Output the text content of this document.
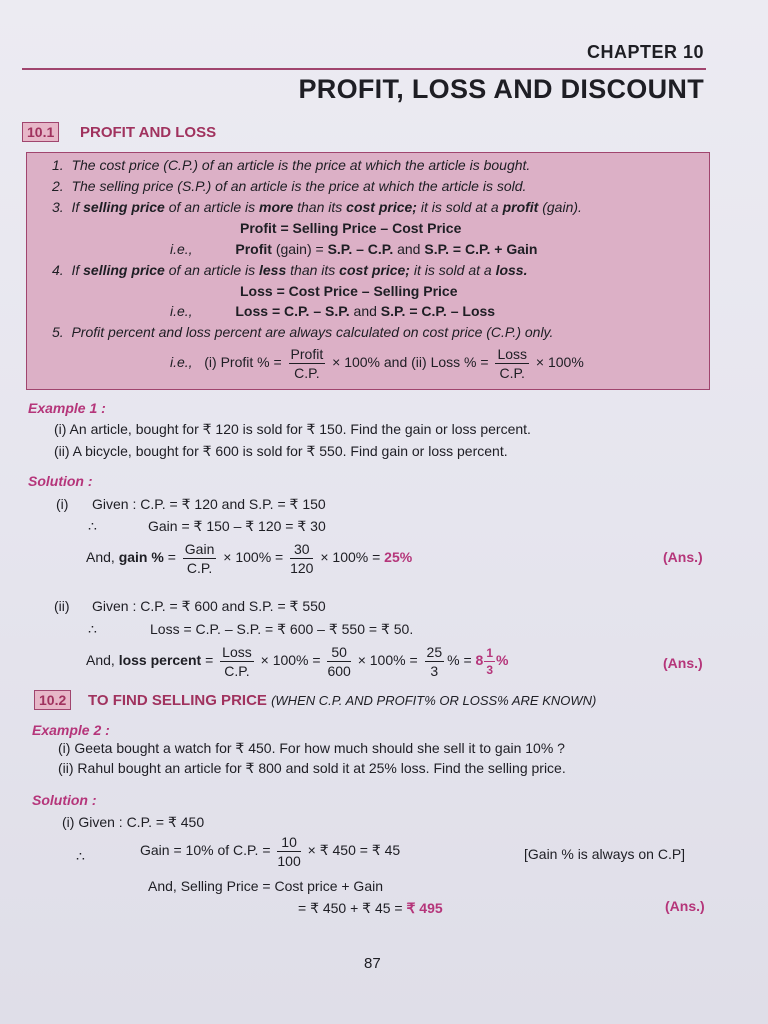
CHAPTER 10
PROFIT, LOSS AND DISCOUNT
10.1	PROFIT AND LOSS
1. The cost price (C.P.) of an article is the price at which the article is bought.
2. The selling price (S.P.) of an article is the price at which the article is sold.
3. If selling price of an article is more than its cost price; it is sold at a profit (gain).
Profit = Selling Price – Cost Price
i.e.,	Profit (gain) = S.P. – C.P. and S.P. = C.P. + Gain
4. If selling price of an article is less than its cost price; it is sold at a loss.
Loss = Cost Price – Selling Price
i.e.,	Loss = C.P. – S.P. and S.P. = C.P. – Loss
5. Profit percent and loss percent are always calculated on cost price (C.P.) only.
i.e., (i) Profit % = $\frac{\text{Profit}}{C.P.} \times 100\%$ and (ii) Loss % = $\frac{\text{Loss}}{C.P.} \times 100\%$
Example 1 :
(i) An article, bought for ₹ 120 is sold for ₹ 150. Find the gain or loss percent.
(ii) A bicycle, bought for ₹ 600 is sold for ₹ 550. Find gain or loss percent.
Solution :
(i) Given : C.P. = ₹ 120 and S.P. = ₹ 150
∴	Gain = ₹ 150 – ₹ 120 = ₹ 30
And, gain % = $\frac{\text{Gain}}{C.P.} \times 100\% = \frac{30}{120} \times 100\% = 25\%$	(Ans.)
(ii) Given : C.P. = ₹ 600 and S.P. = ₹ 550
∴	Loss = C.P. – S.P. = ₹ 600 – ₹ 550 = ₹ 50.
And, loss percent = $\frac{\text{Loss}}{C.P.} \times 100\% = \frac{50}{600} \times 100\% = \frac{25}{3}$ % = $8 \frac{1}{3}$ %	(Ans.)
10.2	TO FIND SELLING PRICE (WHEN C.P. AND PROFIT% OR LOSS% ARE KNOWN)
Example 2 :
(i) Geeta bought a watch for ₹ 450. For how much should she sell it to gain 10% ?
(ii) Rahul bought an article for ₹ 800 and sold it at 25% loss. Find the selling price.
Solution :
(i) Given : C.P. = ₹ 450
∴	Gain = 10% of C.P. = $\frac{10}{100}$ × ₹ 450 = ₹ 45	[Gain % is always on C.P]
And, Selling Price = Cost price + Gain
= ₹ 450 + ₹ 45 = ₹ 495	(Ans.)
87
